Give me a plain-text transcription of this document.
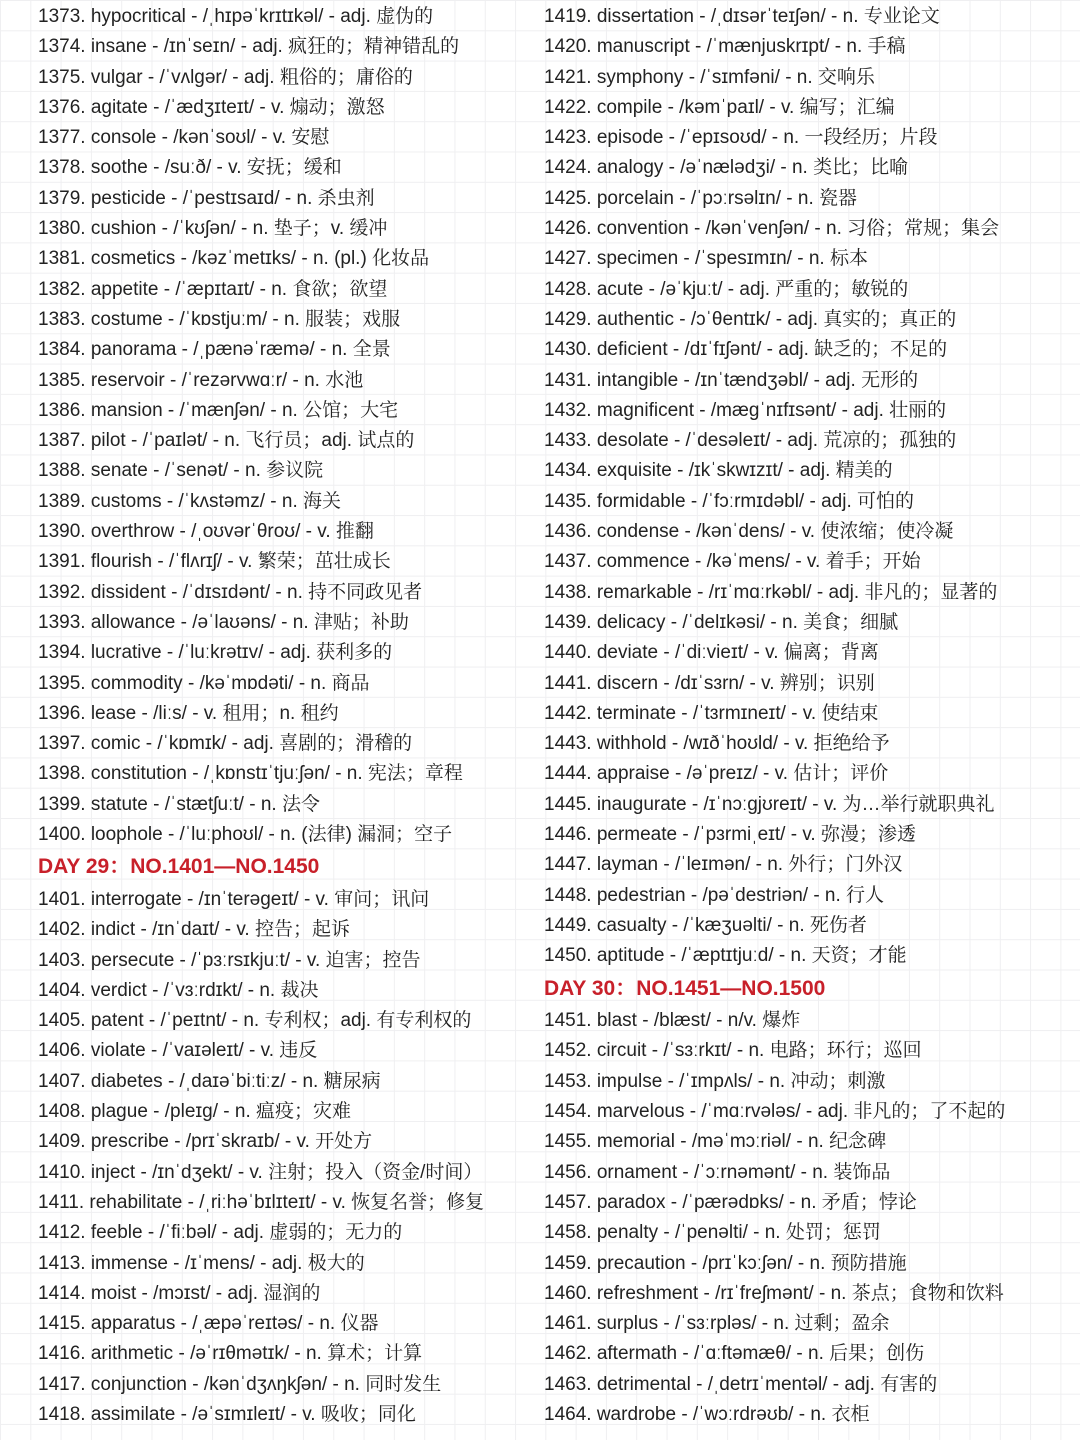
1373. hypocritical - /ˌhɪpəˈkrɪtɪkəl/ - adj. 虚伪的
1374. insane - /ɪnˈseɪn/ - adj. 疯狂的；精神错乱的
1375. vulgar - /ˈvʌlgər/ - adj. 粗俗的；庸俗的
1376. agitate - /ˈædʒɪteɪt/ - v. 煽动；激怒
1377. console - /kənˈsoʊl/ - v. 安慰
1378. soothe - /suːð/ - v. 安抚；缓和
1379. pesticide - /ˈpestɪsaɪd/ - n. 杀虫剂
1380. cushion - /ˈkʊʃən/ - n. 垫子；v. 缓冲
1381. cosmetics - /kəzˈmetɪks/ - n. (pl.) 化妆品
1382. appetite - /ˈæpɪtaɪt/ - n. 食欲；欲望
1383. costume - /ˈkɒstjuːm/ - n. 服装；戏服
1384. panorama - /ˌpænəˈræmə/ - n. 全景
1385. reservoir - /ˈrezərvwɑːr/ - n. 水池
1386. mansion - /ˈmænʃən/ - n. 公馆；大宅
1387. pilot - /ˈpaɪlət/ - n. 飞行员；adj. 试点的
1388. senate - /ˈsenət/ - n. 参议院
1389. customs - /ˈkʌstəmz/ - n. 海关
1390. overthrow - /ˌoʊvərˈθroʊ/ - v. 推翻
1391. flourish - /ˈflʌrɪʃ/ - v. 繁荣；茁壮成长
1392. dissident - /ˈdɪsɪdənt/ - n. 持不同政见者
1393. allowance - /əˈlaʊəns/ - n. 津贴；补助
1394. lucrative - /ˈluːkrətɪv/ - adj. 获利多的
1395. commodity - /kəˈmɒdəti/ - n. 商品
1396. lease - /liːs/ - v. 租用；n. 租约
1397. comic - /ˈkɒmɪk/ - adj. 喜剧的；滑稽的
1398. constitution - /ˌkɒnstɪˈtjuːʃən/ - n. 宪法；章程
1399. statute - /ˈstætʃuːt/ - n. 法令
1400. loophole - /ˈluːphoʊl/ - n. (法律) 漏洞；空子
DAY 29：NO.1401—NO.1450
1401. interrogate - /ɪnˈterəgeɪt/ - v. 审问；讯问
1402. indict - /ɪnˈdaɪt/ - v. 控告；起诉
1403. persecute - /ˈpɜːrsɪkjuːt/ - v. 迫害；控告
1404. verdict - /ˈvɜːrdɪkt/ - n. 裁决
1405. patent - /ˈpeɪtnt/ - n. 专利权；adj. 有专利权的
1406. violate - /ˈvaɪəleɪt/ - v. 违反
1407. diabetes - /ˌdaɪəˈbiːtiːz/ - n. 糖尿病
1408. plague - /pleɪg/ - n. 瘟疫；灾难
1409. prescribe - /prɪˈskraɪb/ - v. 开处方
1410. inject - /ɪnˈdʒekt/ - v. 注射；投入（资金/时间）
1411. rehabilitate - /ˌriːhəˈbɪlɪteɪt/ - v. 恢复名誉；修复
1412. feeble - /ˈfiːbəl/ - adj. 虚弱的；无力的
1413. immense - /ɪˈmens/ - adj. 极大的
1414. moist - /mɔɪst/ - adj. 湿润的
1415. apparatus - /ˌæpəˈreɪtəs/ - n. 仪器
1416. arithmetic - /əˈrɪθmətɪk/ - n. 算术；计算
1417. conjunction - /kənˈdʒʌŋkʃən/ - n. 同时发生
1418. assimilate - /əˈsɪmɪleɪt/ - v. 吸收；同化
1419. dissertation - /ˌdɪsərˈteɪʃən/ - n. 专业论文
1420. manuscript - /ˈmænjuskrɪpt/ - n. 手稿
1421. symphony - /ˈsɪmfəni/ - n. 交响乐
1422. compile - /kəmˈpaɪl/ - v. 编写；汇编
1423. episode - /ˈepɪsoʊd/ - n. 一段经历；片段
1424. analogy - /əˈnælədʒi/ - n. 类比；比喻
1425. porcelain - /ˈpɔːrsəlɪn/ - n. 瓷器
1426. convention - /kənˈvenʃən/ - n. 习俗；常规；集会
1427. specimen - /ˈspesɪmɪn/ - n. 标本
1428. acute - /əˈkjuːt/ - adj. 严重的；敏锐的
1429. authentic - /ɔˈθentɪk/ - adj. 真实的；真正的
1430. deficient - /dɪˈfɪʃənt/ - adj. 缺乏的；不足的
1431. intangible - /ɪnˈtændʒəbl/ - adj. 无形的
1432. magnificent - /mægˈnɪfɪsənt/ - adj. 壮丽的
1433. desolate - /ˈdesəleɪt/ - adj. 荒凉的；孤独的
1434. exquisite - /ɪkˈskwɪzɪt/ - adj. 精美的
1435. formidable - /ˈfɔːrmɪdəbl/ - adj. 可怕的
1436. condense - /kənˈdens/ - v. 使浓缩；使冷凝
1437. commence - /kəˈmens/ - v. 着手；开始
1438. remarkable - /rɪˈmɑːrkəbl/ - adj. 非凡的；显著的
1439. delicacy - /ˈdelɪkəsi/ - n. 美食；细腻
1440. deviate - /ˈdiːvieɪt/ - v. 偏离；背离
1441. discern - /dɪˈsɜrn/ - v. 辨别；识别
1442. terminate - /ˈtɜrmɪneɪt/ - v. 使结束
1443. withhold - /wɪðˈhoʊld/ - v. 拒绝给予
1444. appraise - /əˈpreɪz/ - v. 估计；评价
1445. inaugurate - /ɪˈnɔːgjʊreɪt/ - v. 为…举行就职典礼
1446. permeate - /ˈpɜrmiˌeɪt/ - v. 弥漫；渗透
1447. layman - /ˈleɪmən/ - n. 外行；门外汉
1448. pedestrian - /pəˈdestriən/ - n. 行人
1449. casualty - /ˈkæʒuəlti/ - n. 死伤者
1450. aptitude - /ˈæptɪtjuːd/ - n. 天资；才能
DAY 30：NO.1451—NO.1500
1451. blast - /blæst/ - n/v. 爆炸
1452. circuit - /ˈsɜːrkɪt/ - n. 电路；环行；巡回
1453. impulse - /ˈɪmpʌls/ - n. 冲动；刺激
1454. marvelous - /ˈmɑːrvələs/ - adj. 非凡的；了不起的
1455. memorial - /məˈmɔːriəl/ - n. 纪念碑
1456. ornament - /ˈɔːrnəmənt/ - n. 装饰品
1457. paradox - /ˈpærədɒks/ - n. 矛盾；悖论
1458. penalty - /ˈpenəlti/ - n. 处罚；惩罚
1459. precaution - /prɪˈkɔːʃən/ - n. 预防措施
1460. refreshment - /rɪˈfreʃmənt/ - n. 茶点；食物和饮料
1461. surplus - /ˈsɜːrpləs/ - n. 过剩；盈余
1462. aftermath - /ˈɑːftəmæθ/ - n. 后果；创伤
1463. detrimental - /ˌdetrɪˈmentəl/ - adj. 有害的
1464. wardrobe - /ˈwɔːrdrəʊb/ - n. 衣柜
